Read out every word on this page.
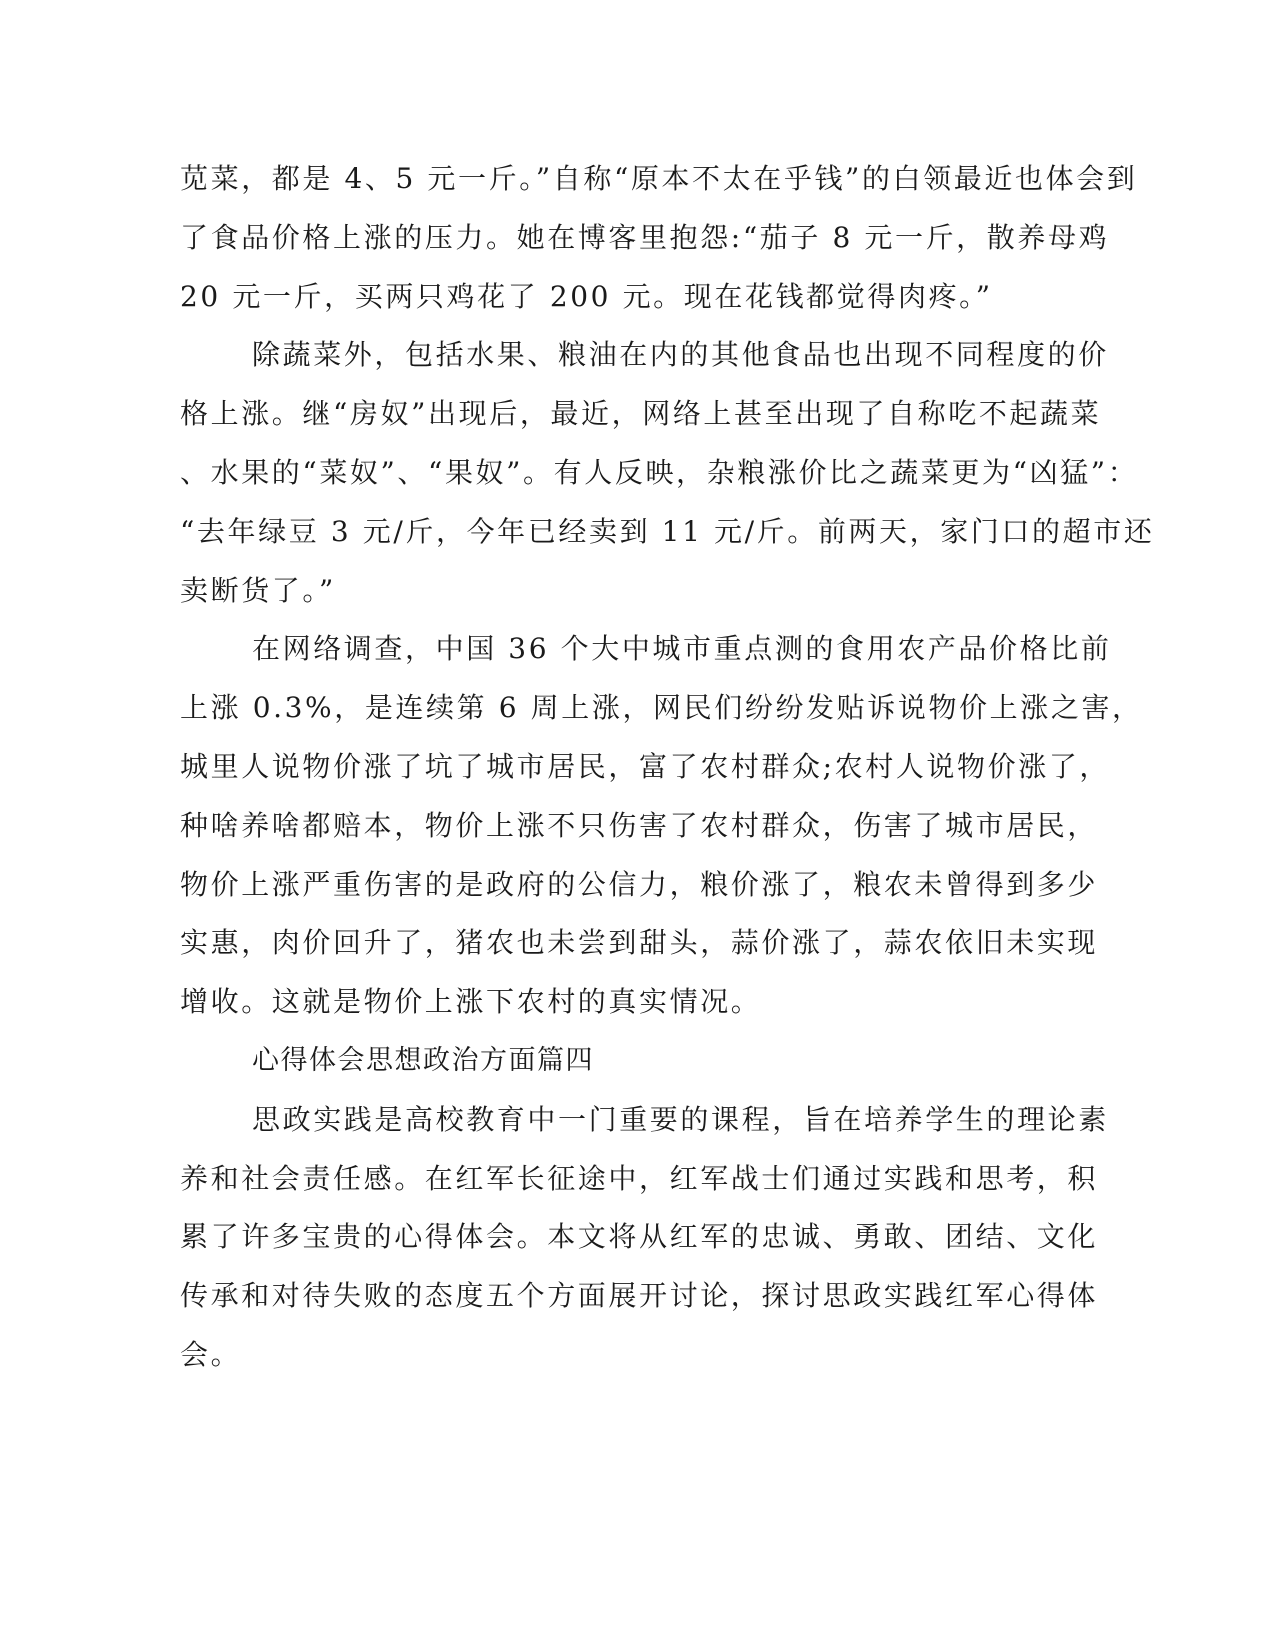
苋菜，都是 4、5 元一斤。”自称“原本不太在乎钱”的白领最近也体会到
了食品价格上涨的压力。她在博客里抱怨:“茄子 8 元一斤，散养母鸡
20 元一斤，买两只鸡花了 200 元。现在花钱都觉得肉疼。”
除蔬菜外，包括水果、粮油在内的其他食品也出现不同程度的价
格上涨。继“房奴”出现后，最近，网络上甚至出现了自称吃不起蔬菜
、水果的“菜奴”、“果奴”。有人反映，杂粮涨价比之蔬菜更为“凶猛”：
“去年绿豆 3 元/斤，今年已经卖到 11 元/斤。前两天，家门口的超市还
卖断货了。”
在网络调查，中国 36 个大中城市重点测的食用农产品价格比前
上涨 0.3%，是连续第 6 周上涨，网民们纷纷发贴诉说物价上涨之害，
城里人说物价涨了坑了城市居民，富了农村群众;农村人说物价涨了，
种啥养啥都赔本，物价上涨不只伤害了农村群众，伤害了城市居民，
物价上涨严重伤害的是政府的公信力，粮价涨了，粮农未曾得到多少
实惠，肉价回升了，猪农也未尝到甜头，蒜价涨了，蒜农依旧未实现
增收。这就是物价上涨下农村的真实情况。
心得体会思想政治方面篇四
思政实践是高校教育中一门重要的课程，旨在培养学生的理论素
养和社会责任感。在红军长征途中，红军战士们通过实践和思考，积
累了许多宝贵的心得体会。本文将从红军的忠诚、勇敢、团结、文化
传承和对待失败的态度五个方面展开讨论，探讨思政实践红军心得体
会。
